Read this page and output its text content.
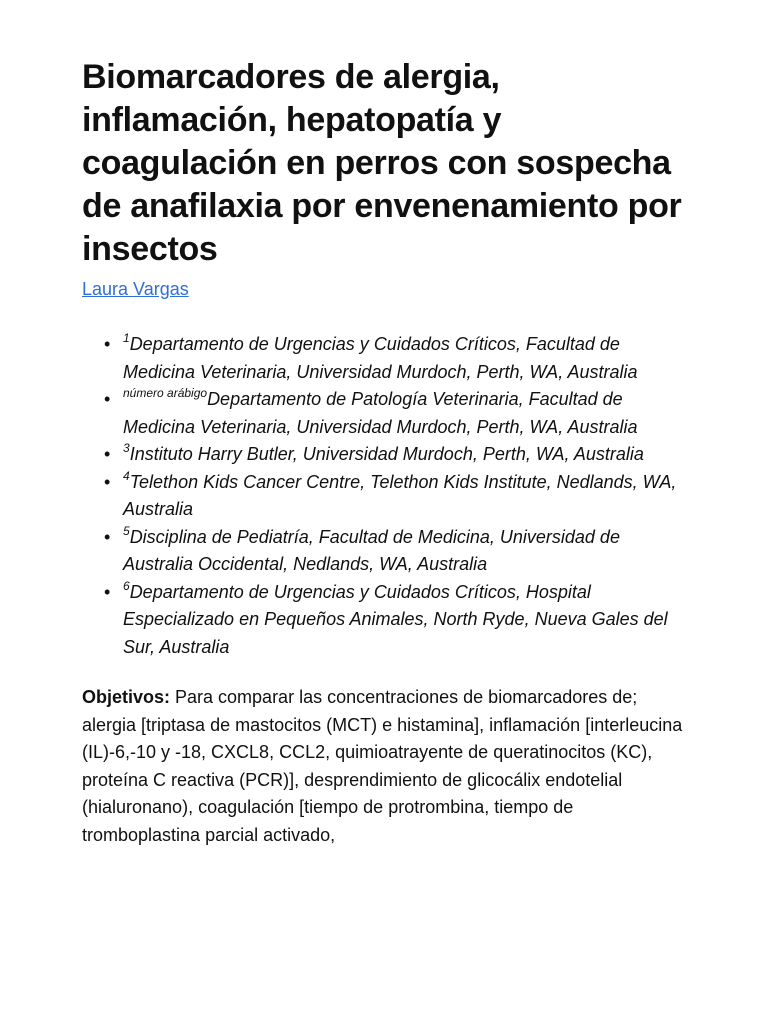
Biomarcadores de alergia, inflamación, hepatopatía y coagulación en perros con sospecha de anafilaxia por envenenamiento por insectos
Laura Vargas
• $^1$Departamento de Urgencias y Cuidados Críticos, Facultad de Medicina Veterinaria, Universidad Murdoch, Perth, WA, Australia
• $^{número arábigo}$Departamento de Patología Veterinaria, Facultad de Medicina Veterinaria, Universidad Murdoch, Perth, WA, Australia
• $^3$Instituto Harry Butler, Universidad Murdoch, Perth, WA, Australia
• $^4$Telethon Kids Cancer Centre, Telethon Kids Institute, Nedlands, WA, Australia
• $^5$Disciplina de Pediatría, Facultad de Medicina, Universidad de Australia Occidental, Nedlands, WA, Australia
• $^6$Departamento de Urgencias y Cuidados Críticos, Hospital Especializado en Pequeños Animales, North Ryde, Nueva Gales del Sur, Australia

Objetivos: Para comparar las concentraciones de biomarcadores de; alergia [triptasa de mastocitos (MCT) e histamina], inflamación [interleucina (IL)-6,-10 y -18, CXCL8, CCL2, quimioatrayente de queratinocitos (KC), proteína C reactiva (PCR)], desprendimiento de glicocálix endotelial (hialuronano), coagulación [tiempo de protrombina, tiempo de tromboplastina parcial activado,
